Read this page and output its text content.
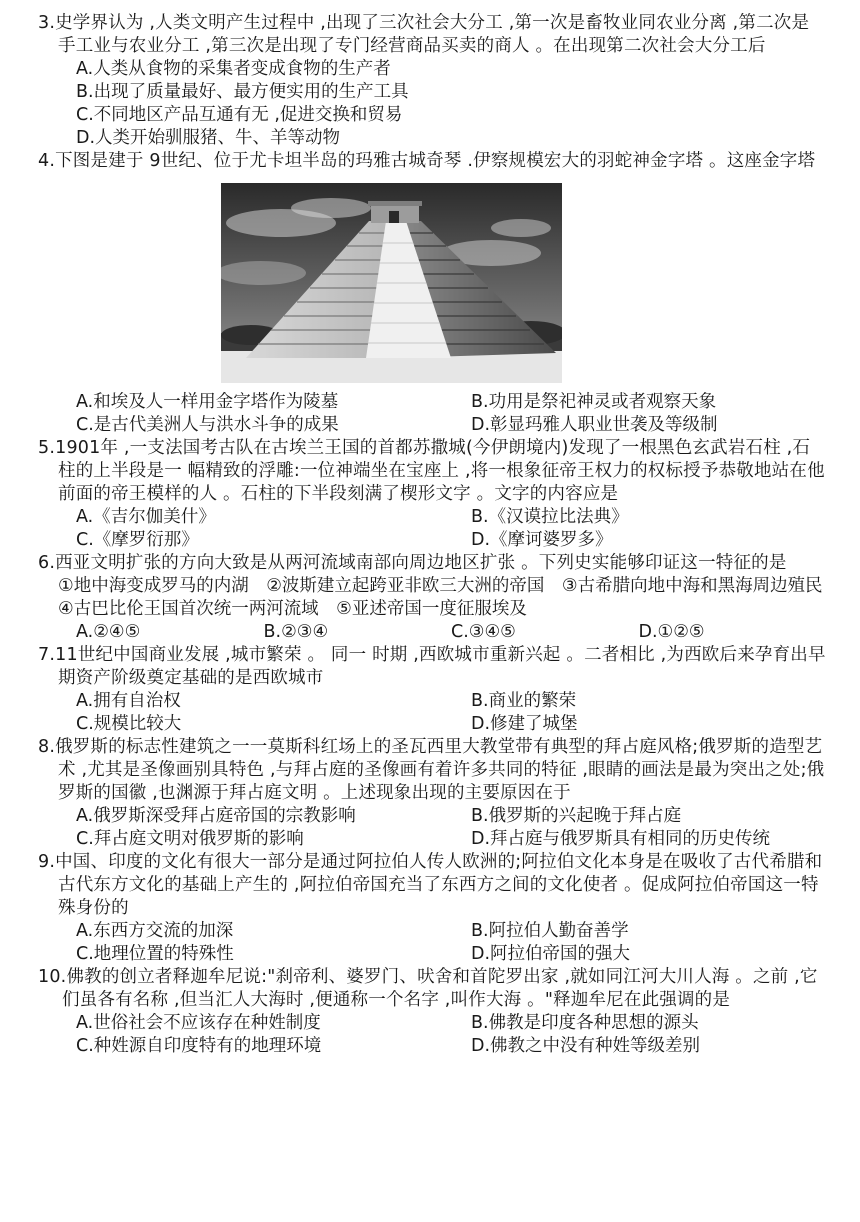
3.史学界认为 ,人类文明产生过程中 ,出现了三次社会大分工 ,第一次是畜牧业同农业分离 ,第二次是手工业与农业分工 ,第三次是出现了专门经营商品买卖的商人 。在出现第二次社会大分工后
A.人类从食物的采集者变成食物的生产者
B.出现了质量最好、最方便实用的生产工具
C.不同地区产品互通有无 ,促进交换和贸易
D.人类开始驯服猪、牛、羊等动物
4.下图是建于 9世纪、位于尤卡坦半岛的玛雅古城奇琴 .伊察规模宏大的羽蛇神金字塔 。这座金字塔
A.和埃及人一样用金字塔作为陵墓	B.功用是祭祀神灵或者观察天象
C.是古代美洲人与洪水斗争的成果	D.彰显玛雅人职业世袭及等级制
5.1901年 ,一支法国考古队在古埃兰王国的首都苏撒城(今伊朗境内)发现了一根黑色玄武岩石柱 ,石柱的上半段是一 幅精致的浮雕:一位神端坐在宝座上 ,将一根象征帝王权力的权标授予恭敬地站在他前面的帝王模样的人 。石柱的下半段刻满了楔形文字 。文字的内容应是
A.《吉尔伽美什》	B.《汉谟拉比法典》
C.《摩罗衍那》	D.《摩诃婆罗多》
6.西亚文明扩张的方向大致是从两河流域南部向周边地区扩张 。下列史实能够印证这一特征的是
①地中海变成罗马的内湖　②波斯建立起跨亚非欧三大洲的帝国　③古希腊向地中海和黑海周边殖民　④古巴比伦王国首次统一两河流域　⑤亚述帝国一度征服埃及
A.②④⑤	B.②③④	C.③④⑤	D.①②⑤
7.11世纪中国商业发展 ,城市繁荣 。 同一 时期 ,西欧城市重新兴起 。二者相比 ,为西欧后来孕育出早期资产阶级奠定基础的是西欧城市
A.拥有自治权	B.商业的繁荣
C.规模比较大	D.修建了城堡
8.俄罗斯的标志性建筑之一一莫斯科红场上的圣瓦西里大教堂带有典型的拜占庭风格;俄罗斯的造型艺术 ,尤其是圣像画别具特色 ,与拜占庭的圣像画有着许多共同的特征 ,眼睛的画法是最为突出之处;俄罗斯的国徽 ,也渊源于拜占庭文明 。上述现象出现的主要原因在于
A.俄罗斯深受拜占庭帝国的宗教影响	B.俄罗斯的兴起晚于拜占庭
C.拜占庭文明对俄罗斯的影响	D.拜占庭与俄罗斯具有相同的历史传统
9.中国、印度的文化有很大一部分是通过阿拉伯人传人欧洲的;阿拉伯文化本身是在吸收了古代希腊和古代东方文化的基础上产生的 ,阿拉伯帝国充当了东西方之间的文化使者 。促成阿拉伯帝国这一特殊身份的
A.东西方交流的加深	B.阿拉伯人勤奋善学
C.地理位置的特殊性	D.阿拉伯帝国的强大
10.佛教的创立者释迦牟尼说:"刹帝利、婆罗门、吠舍和首陀罗出家 ,就如同江河大川人海 。之前 ,它们虽各有名称 ,但当汇人大海时 ,便通称一个名字 ,叫作大海 。"释迦牟尼在此强调的是
A.世俗社会不应该存在种姓制度	B.佛教是印度各种思想的源头
C.种姓源自印度特有的地理环境	D.佛教之中没有种姓等级差别
